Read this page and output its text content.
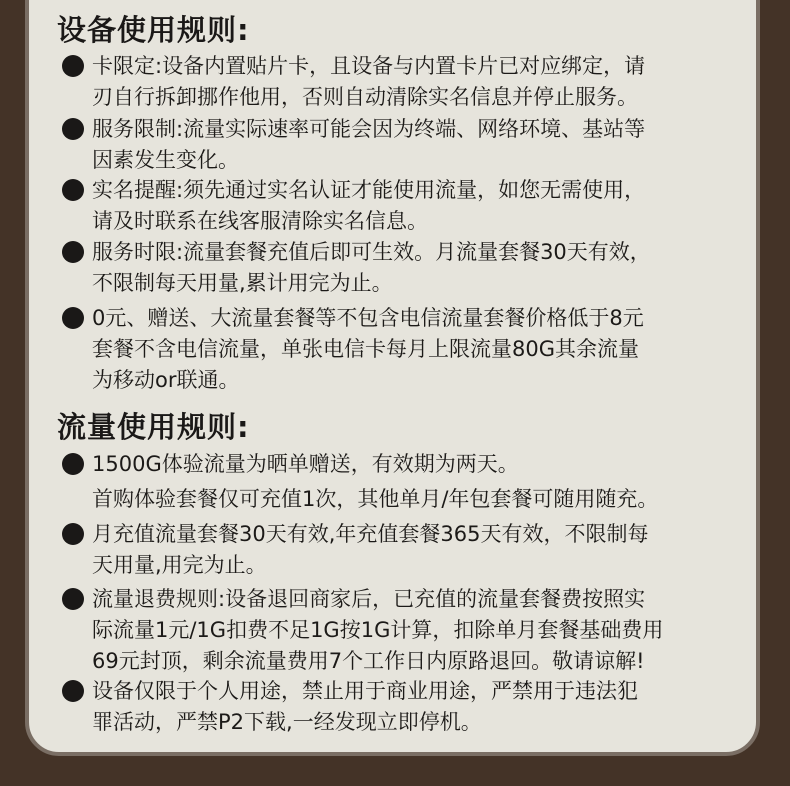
设备使用规则:
卡限定:设备内置贴片卡，且设备与内置卡片已对应绑定，请
刃自行拆卸挪作他用，否则自动清除实名信息并停止服务。
服务限制:流量实际速率可能会因为终端、网络环境、基站等
因素发生变化。
实名提醒:须先通过实名认证才能使用流量，如您无需使用，
请及时联系在线客服清除实名信息。
服务时限:流量套餐充值后即可生效。月流量套餐30天有效，
不限制每天用量,累计用完为止。
0元、赠送、大流量套餐等不包含电信流量套餐价格低于8元
套餐不含电信流量，单张电信卡每月上限流量80G其余流量
为移动or联通。
流量使用规则:
1500G体验流量为晒单赠送，有效期为两天。
首购体验套餐仅可充值1次，其他单月/年包套餐可随用随充。
月充值流量套餐30天有效,年充值套餐365天有效，不限制每
天用量,用完为止。
流量退费规则:设备退回商家后，已充值的流量套餐费按照实
际流量1元/1G扣费不足1G按1G计算，扣除单月套餐基础费用
69元封顶，剩余流量费用7个工作日内原路退回。敬请谅解!
设备仅限于个人用途，禁止用于商业用途，严禁用于违法犯
罪活动，严禁P2下载,一经发现立即停机。
